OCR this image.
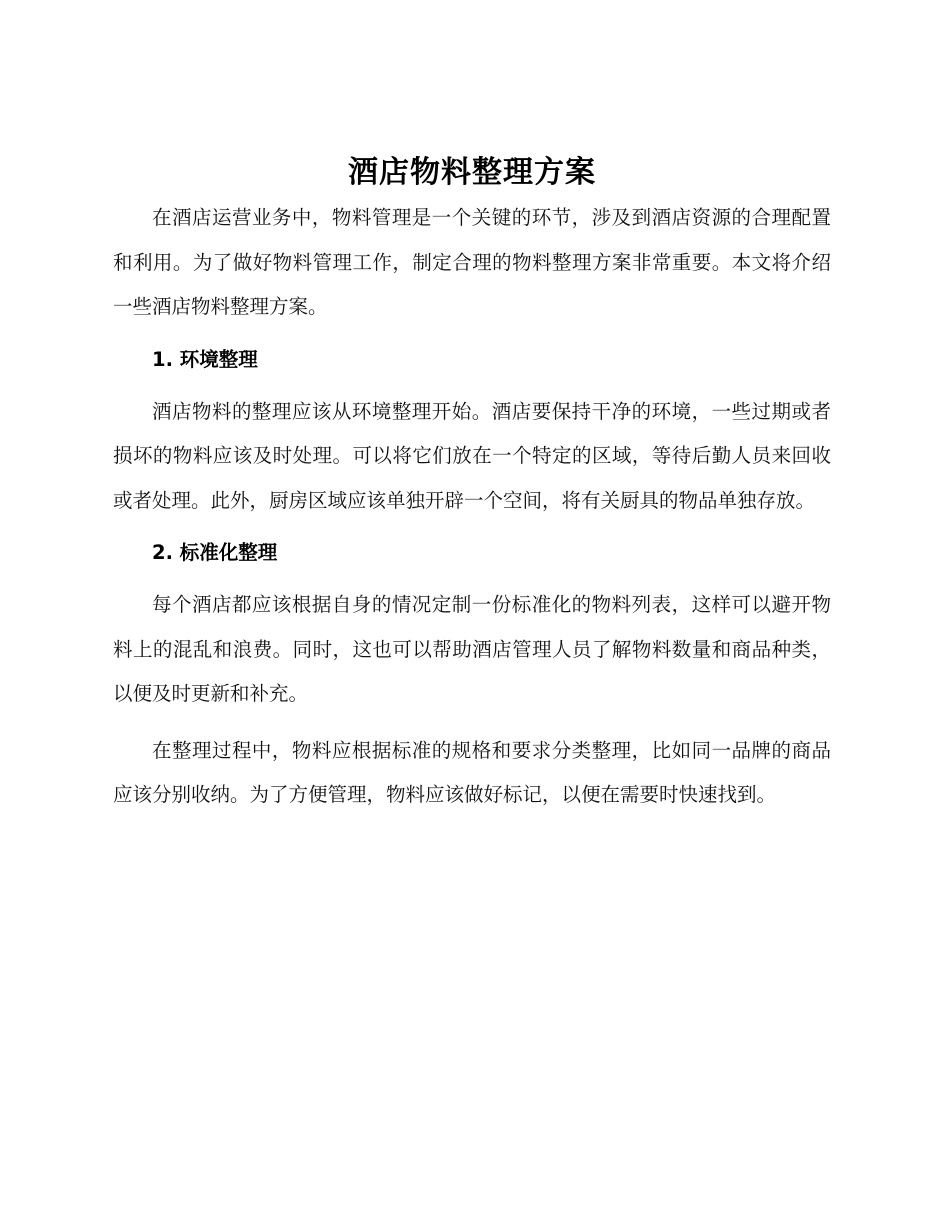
酒店物料整理方案

在酒店运营业务中，物料管理是一个关键的环节，涉及到酒店资源的合理配置和利用。为了做好物料管理工作，制定合理的物料整理方案非常重要。本文将介绍一些酒店物料整理方案。

1. 环境整理

酒店物料的整理应该从环境整理开始。酒店要保持干净的环境，一些过期或者损坏的物料应该及时处理。可以将它们放在一个特定的区域，等待后勤人员来回收或者处理。此外，厨房区域应该单独开辟一个空间，将有关厨具的物品单独存放。

2. 标准化整理

每个酒店都应该根据自身的情况定制一份标准化的物料列表，这样可以避开物料上的混乱和浪费。同时，这也可以帮助酒店管理人员了解物料数量和商品种类，以便及时更新和补充。

在整理过程中，物料应根据标准的规格和要求分类整理，比如同一品牌的商品应该分别收纳。为了方便管理，物料应该做好标记，以便在需要时快速找到。
